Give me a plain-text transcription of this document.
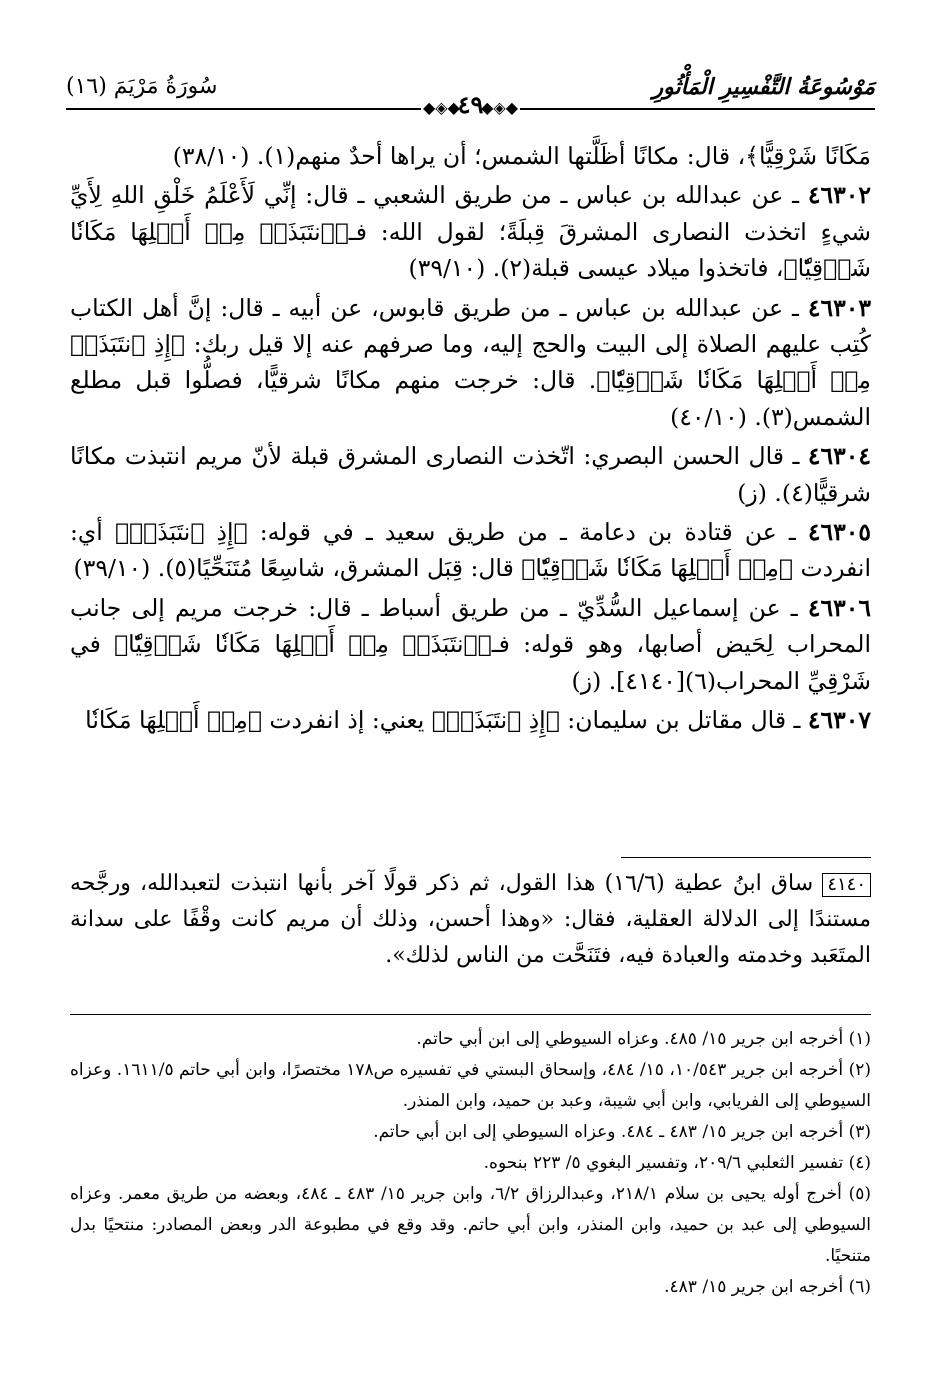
سُورَةُ مَرْيَمَ (١٦)	مَوْسُوعَةُ التَّفْسِيرِ الْمَأْثُورِ
◆◈◆
٤٩
◆◈◆

مَكَانًا شَرْقِيًّا﴾، قال: مكانًا أظَلَّتها الشمس؛ أن يراها أحدٌ منهم(١). (٣٨/١٠)

٤٦٣٠٢ ـ عن عبدالله بن عباس ـ من طريق الشعبي ـ قال: إنِّي لَأَعْلَمُ خَلْقِ اللهِ لِأَيِّ شيءٍ اتخذت النصارى المشرقَ قِبلَةً؛ لقول الله: فـ﴿ٱنتَبَذَتۡ مِنۡ أَهۡلِهَا مَكَانٗا شَرۡقِيّٗا﴾، فاتخذوا ميلاد عيسى قبلة(٢). (٣٩/١٠)

٤٦٣٠٣ ـ عن عبدالله بن عباس ـ من طريق قابوس، عن أبيه ـ قال: إنَّ أهل الكتاب كُتِب عليهم الصلاة إلى البيت والحج إليه، وما صرفهم عنه إلا قيل ربك: ﴿إِذِ ٱنتَبَذَتۡ مِنۡ أَهۡلِهَا مَكَانٗا شَرۡقِيّٗا﴾. قال: خرجت منهم مكانًا شرقيًّا، فصلُّوا قبل مطلع الشمس(٣). (٤٠/١٠)

٤٦٣٠٤ ـ قال الحسن البصري: اتّخذت النصارى المشرق قبلة لأنّ مريم انتبذت مكانًا شرقيًّا(٤). (ز)

٤٦٣٠٥ ـ عن قتادة بن دعامة ـ من طريق سعيد ـ في قوله: ﴿إِذِ ٱنتَبَذَتۡ﴾ أي: انفردت ﴿مِنۡ أَهۡلِهَا مَكَانٗا شَرۡقِيّٗا﴾ قال: قِبَل المشرق، شاسِعًا مُتَنَحِّيًا(٥). (٣٩/١٠)

٤٦٣٠٦ ـ عن إسماعيل السُّدِّيّ ـ من طريق أسباط ـ قال: خرجت مريم إلى جانب المحراب لِحَيض أصابها، وهو قوله: فـ﴿ٱنتَبَذَتۡ مِنۡ أَهۡلِهَا مَكَانٗا شَرۡقِيّٗا﴾ في شَرْقِيِّ المحراب(٦)[٤١٤٠]. (ز)

٤٦٣٠٧ ـ قال مقاتل بن سليمان: ﴿إِذِ ٱنتَبَذَتۡ﴾ يعني: إذ انفردت ﴿مِنۡ أَهۡلِهَا مَكَانٗا

٤١٤٠ ساق ابنُ عطية (١٦/٦) هذا القول، ثم ذكر قولًا آخر بأنها انتبذت لتعبدالله، ورجَّحه مستندًا إلى الدلالة العقلية، فقال: «وهذا أحسن، وذلك أن مريم كانت وقْفًا على سدانة المتَعَبد وخدمته والعبادة فيه، فتَنَحَّت من الناس لذلك».

(١) أخرجه ابن جرير ١٥/ ٤٨٥. وعزاه السيوطي إلى ابن أبي حاتم.

(٢) أخرجه ابن جرير ١٠/٥٤٣، ١٥/ ٤٨٤، وإسحاق البستي في تفسيره ص١٧٨ مختصرًا، وابن أبي حاتم ١٦١١/٥. وعزاه السيوطي إلى الفريابي، وابن أبي شيبة، وعبد بن حميد، وابن المنذر.

(٣) أخرجه ابن جرير ١٥/ ٤٨٣ ـ ٤٨٤. وعزاه السيوطي إلى ابن أبي حاتم.

(٤) تفسير الثعلبي ٢٠٩/٦، وتفسير البغوي ٥/ ٢٢٣ بنحوه.

(٥) أخرج أوله يحيى بن سلام ٢١٨/١، وعبدالرزاق ٦/٢، وابن جرير ١٥/ ٤٨٣ ـ ٤٨٤، وبعضه من طريق معمر. وعزاه السيوطي إلى عبد بن حميد، وابن المنذر، وابن أبي حاتم. وقد وقع في مطبوعة الدر وبعض المصادر: منتحيًا بدل متنحيًا.

(٦) أخرجه ابن جرير ١٥/ ٤٨٣.
